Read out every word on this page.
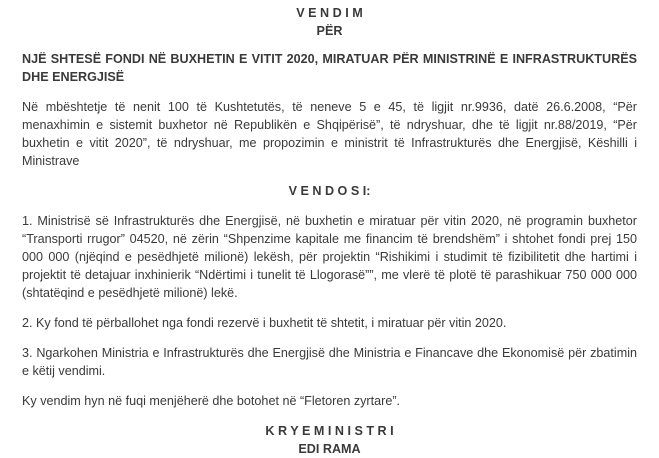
V E N D I M
PËR
NJË SHTESË FONDI NË BUXHETIN E VITIT 2020, MIRATUAR PËR MINISTRINË E INFRASTRUKTURËS DHE ENERGJISË

Në mbështetje të nenit 100 të Kushtetutës, të neneve 5 e 45, të ligjit nr.9936, datë 26.6.2008, “Për menaxhimin e sistemit buxhetor në Republikën e Shqipërisë”, të ndryshuar, dhe të ligjit nr.88/2019, “Për buxhetin e vitit 2020”, të ndryshuar, me propozimin e ministrit të Infrastrukturës dhe Energjisë, Këshilli i Ministrave

V E N D O S I:

1. Ministrisë së Infrastrukturës dhe Energjisë, në buxhetin e miratuar për vitin 2020, në programin buxhetor “Transporti rrugor” 04520, në zërin “Shpenzime kapitale me financim të brendshëm” i shtohet fondi prej 150 000 000 (njëqind e pesëdhjetë milionë) lekësh, për projektin “Rishikimi i studimit të fizibilitetit dhe hartimi i projektit të detajuar inxhinierik “Ndërtimi i tunelit të Llogorasë””, me vlerë të plotë të parashikuar 750 000 000 (shtatëqind e pesëdhjetë milionë) lekë.

2. Ky fond të përballohet nga fondi rezervë i buxhetit të shtetit, i miratuar për vitin 2020.

3. Ngarkohen Ministria e Infrastrukturës dhe Energjisë dhe Ministria e Financave dhe Ekonomisë për zbatimin e këtij vendimi.

Ky vendim hyn në fuqi menjëherë dhe botohet në “Fletoren zyrtare”.

K R Y E M I N I S T R I
EDI RAMA
